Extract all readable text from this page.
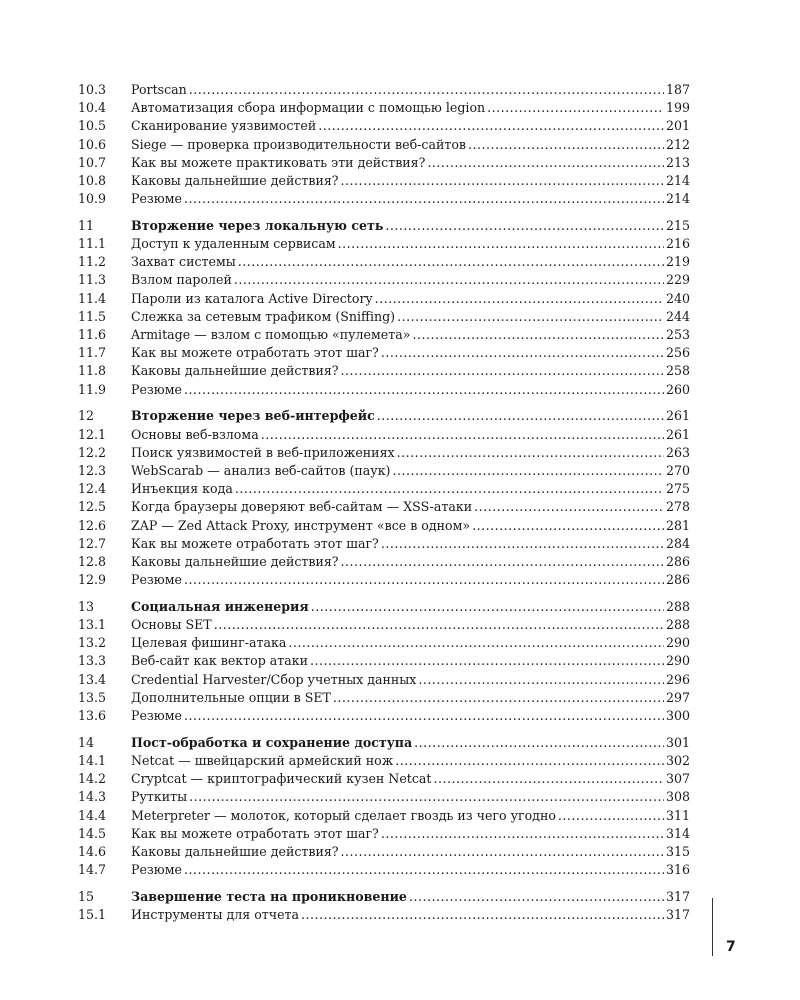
10.3	Portscan .....	187
10.4	Автоматизация сбора информации с помощью legion .....	199
10.5	Сканирование уязвимостей .....	201
10.6	Siege — проверка производительности веб-сайтов .....	212
10.7	Как вы можете практиковать эти действия? .....	213
10.8	Каковы дальнейшие действия? .....	214
10.9	Резюме .....	214
11	Вторжение через локальную сеть .....	215
11.1	Доступ к удаленным сервисам .....	216
11.2	Захват системы .....	219
11.3	Взлом паролей .....	229
11.4	Пароли из каталога Active Directory .....	240
11.5	Слежка за сетевым трафиком (Sniffing) .....	244
11.6	Armitage — взлом с помощью «пулемета» .....	253
11.7	Как вы можете отработать этот шаг? .....	256
11.8	Каковы дальнейшие действия? .....	258
11.9	Резюме .....	260
12	Вторжение через веб-интерфейс .....	261
12.1	Основы веб-взлома .....	261
12.2	Поиск уязвимостей в веб-приложениях .....	263
12.3	WebScarab — анализ веб-сайтов (паук) .....	270
12.4	Инъекция кода .....	275
12.5	Когда браузеры доверяют веб-сайтам — XSS-атаки .....	278
12.6	ZAP — Zed Attack Proxy, инструмент «все в одном» .....	281
12.7	Как вы можете отработать этот шаг? .....	284
12.8	Каковы дальнейшие действия? .....	286
12.9	Резюме .....	286
13	Социальная инженерия .....	288
13.1	Основы SET .....	288
13.2	Целевая фишинг-атака .....	290
13.3	Веб-сайт как вектор атаки .....	290
13.4	Credential Harvester/Сбор учетных данных .....	296
13.5	Дополнительные опции в SET .....	297
13.6	Резюме .....	300
14	Пост-обработка и сохранение доступа .....	301
14.1	Netcat — швейцарский армейский нож .....	302
14.2	Cryptcat — криптографический кузен Netcat .....	307
14.3	Руткиты .....	308
14.4	Meterpreter — молоток, который сделает гвоздь из чего угодно .....	311
14.5	Как вы можете отработать этот шаг? .....	314
14.6	Каковы дальнейшие действия? .....	315
14.7	Резюме .....	316
15	Завершение теста на проникновение .....	317
15.1	Инструменты для отчета .....	317
7
